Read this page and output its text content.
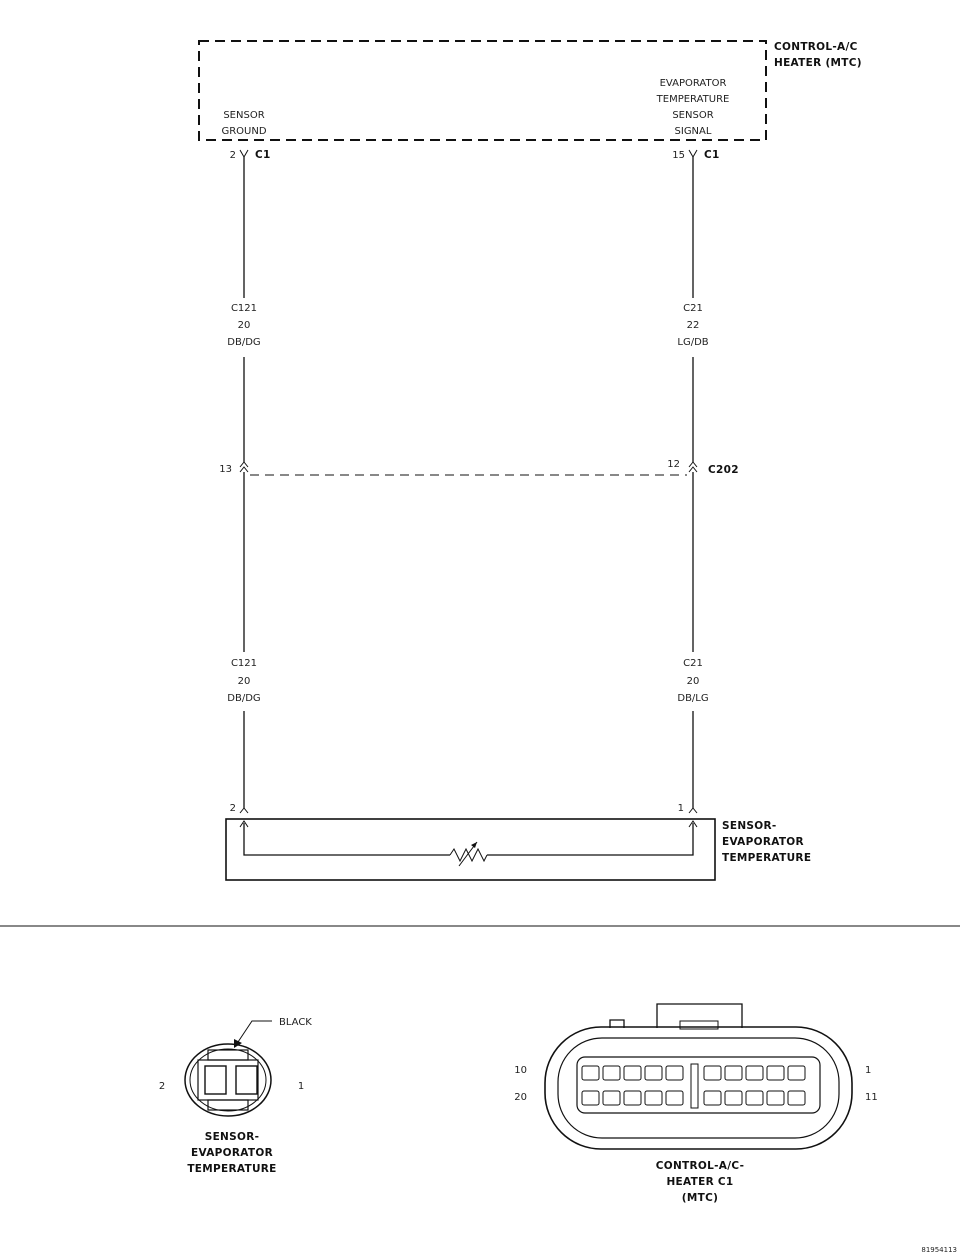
CONTROL-A/C
HEATER (MTC)
SENSOR
GROUND
EVAPORATOR
TEMPERATURE
SENSOR
SIGNAL
2 C1	15 C1
C121
20
DB/DG
C21
22
LG/DB
13	12	C202
C121
20
DB/DG
C21
20
DB/LG
2	1
SENSOR-
EVAPORATOR
TEMPERATURE
BLACK
2	1
SENSOR-
EVAPORATOR
TEMPERATURE
10
20
1
11
CONTROL-A/C-
HEATER C1
(MTC)
81954113
